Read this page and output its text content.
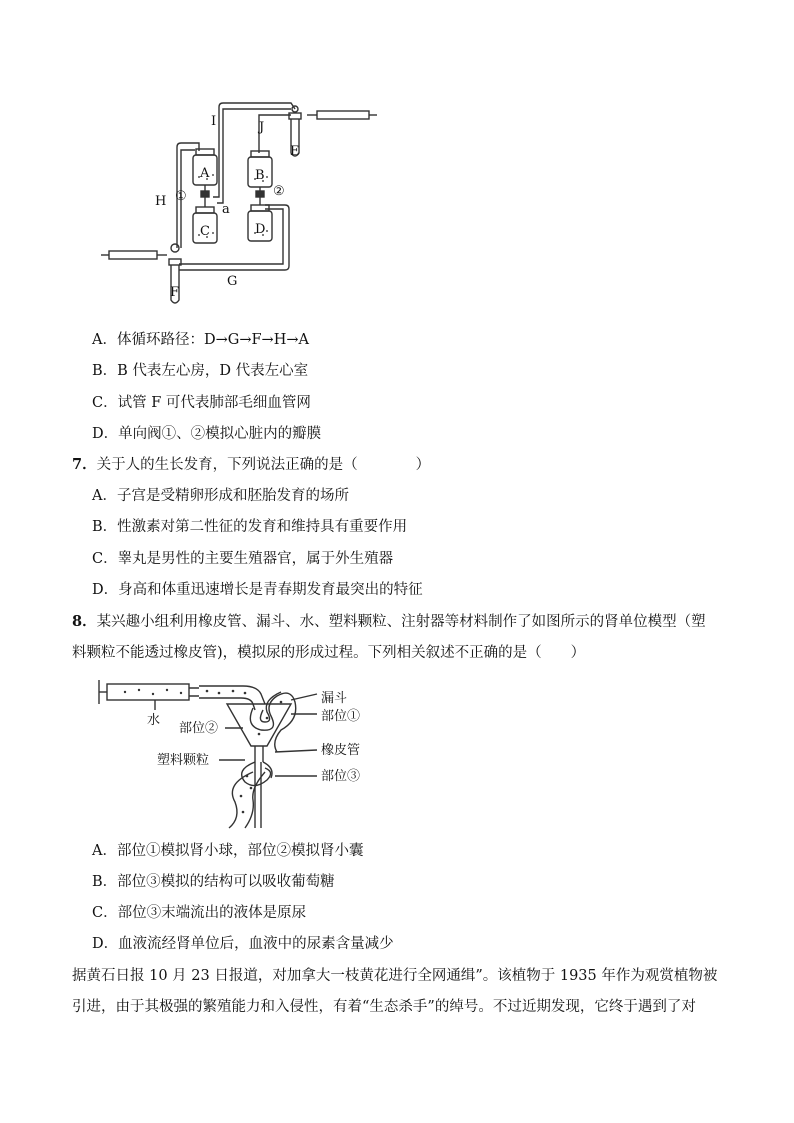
H
I	J
G
a
A
C
B
D
E
F
①	②
A．体循环路径：D→G→F→H→A
B．B 代表左心房，D 代表左心室
C．试管 F 可代表肺部毛细血管网
D．单向阀①、②模拟心脏内的瓣膜
7．关于人的生长发育，下列说法正确的是（　　　　）
A．子宫是受精卵形成和胚胎发育的场所
B．性激素对第二性征的发育和维持具有重要作用
C．睾丸是男性的主要生殖器官，属于外生殖器
D．身高和体重迅速增长是青春期发育最突出的特征
8．某兴趣小组利用橡皮管、漏斗、水、塑料颗粒、注射器等材料制作了如图所示的肾单位模型（塑
料颗粒不能透过橡皮管)，模拟尿的形成过程。下列相关叙述不正确的是（　　）
水
漏斗
部位①
部位②
橡皮管
塑料颗粒
部位③
A．部位①模拟肾小球，部位②模拟肾小囊
B．部位③模拟的结构可以吸收葡萄糖
C．部位③末端流出的液体是原尿
D．血液流经肾单位后，血液中的尿素含量减少
据黄石日报 10 月 23 日报道，对加拿大一枝黄花进行全网通缉”。该植物于 1935 年作为观赏植物被
引进，由于其极强的繁殖能力和入侵性，有着“生态杀手”的绰号。不过近期发现，它终于遇到了对
